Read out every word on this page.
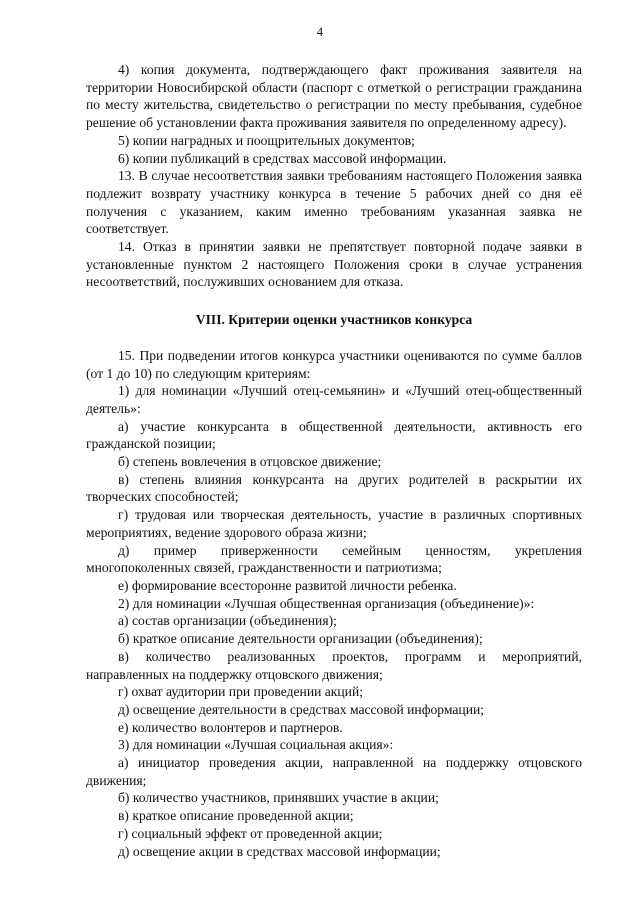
4

4) копия документа, подтверждающего факт проживания заявителя на территории Новосибирской области (паспорт с отметкой о регистрации гражданина по месту жительства, свидетельство о регистрации по месту пребывания, судебное решение об установлении факта проживания заявителя по определенному адресу).

5) копии наградных и поощрительных документов;

6) копии публикаций в средствах массовой информации.

13. В случае несоответствия заявки требованиям настоящего Положения заявка подлежит возврату участнику конкурса в течение 5 рабочих дней со дня её получения с указанием, каким именно требованиям указанная заявка не соответствует.

14. Отказ в принятии заявки не препятствует повторной подаче заявки в установленные пунктом 2 настоящего Положения сроки в случае устранения несоответствий, послуживших основанием для отказа.

VIII. Критерии оценки участников конкурса

15. При подведении итогов конкурса участники оцениваются по сумме баллов (от 1 до 10) по следующим критериям:

1) для номинации «Лучший отец-семьянин» и «Лучший отец-общественный деятель»:

а) участие конкурсанта в общественной деятельности, активность его гражданской позиции;

б) степень вовлечения в отцовское движение;

в) степень влияния конкурсанта на других родителей в раскрытии их творческих способностей;

г) трудовая или творческая деятельность, участие в различных спортивных мероприятиях, ведение здорового образа жизни;

д) пример приверженности семейным ценностям, укрепления многопоколенных связей, гражданственности и патриотизма;

е) формирование всесторонне развитой личности ребенка.

2) для номинации «Лучшая общественная организация (объединение)»:

а) состав организации (объединения);

б) краткое описание деятельности организации (объединения);

в) количество реализованных проектов, программ и мероприятий, направленных на поддержку отцовского движения;

г) охват аудитории при проведении акций;

д) освещение деятельности в средствах массовой информации;

е) количество волонтеров и партнеров.

3) для номинации «Лучшая социальная акция»:

а) инициатор проведения акции, направленной на поддержку отцовского движения;

б) количество участников, принявших участие в акции;

в) краткое описание проведенной акции;

г) социальный эффект от проведенной акции;

д) освещение акции в средствах массовой информации;
